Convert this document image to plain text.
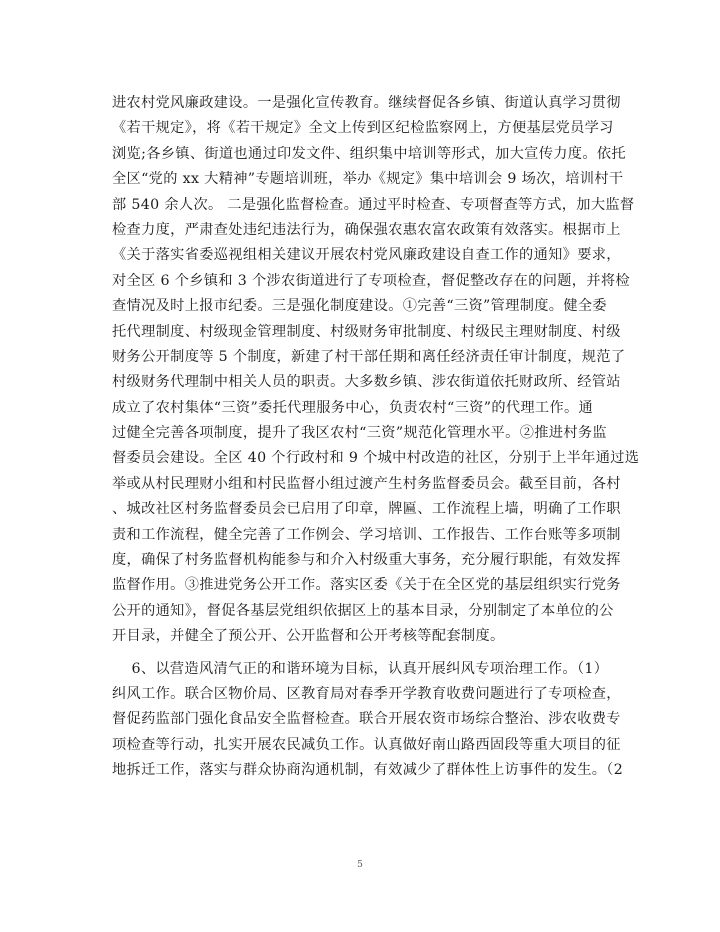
进农村党风廉政建设。一是强化宣传教育。继续督促各乡镇、街道认真学习贯彻
《若干规定》，将《若干规定》全文上传到区纪检监察网上，方便基层党员学习
浏览;各乡镇、街道也通过印发文件、组织集中培训等形式，加大宣传力度。依托
全区“党的 xx 大精神”专题培训班，举办《规定》集中培训会 9 场次，培训村干
部 540 余人次。 二是强化监督检查。通过平时检查、专项督查等方式，加大监督
检查力度，严肃查处违纪违法行为，确保强农惠农富农政策有效落实。根据市上
《关于落实省委巡视组相关建议开展农村党风廉政建设自查工作的通知》要求，
对全区 6 个乡镇和 3 个涉农街道进行了专项检查，督促整改存在的问题，并将检
查情况及时上报市纪委。三是强化制度建设。①完善“三资”管理制度。健全委
托代理制度、村级现金管理制度、村级财务审批制度、村级民主理财制度、村级
财务公开制度等 5 个制度，新建了村干部任期和离任经济责任审计制度，规范了
村级财务代理制中相关人员的职责。大多数乡镇、涉农街道依托财政所、经管站
成立了农村集体“三资”委托代理服务中心，负责农村“三资”的代理工作。通
过健全完善各项制度，提升了我区农村“三资”规范化管理水平。②推进村务监
督委员会建设。全区 40 个行政村和 9 个城中村改造的社区，分别于上半年通过选
举或从村民理财小组和村民监督小组过渡产生村务监督委员会。截至目前，各村
、城改社区村务监督委员会已启用了印章，牌匾、工作流程上墙，明确了工作职
责和工作流程，健全完善了工作例会、学习培训、工作报告、工作台账等多项制
度，确保了村务监督机构能参与和介入村级重大事务，充分履行职能，有效发挥
监督作用。③推进党务公开工作。落实区委《关于在全区党的基层组织实行党务
公开的通知》，督促各基层党组织依据区上的基本目录，分别制定了本单位的公
开目录，并健全了预公开、公开监督和公开考核等配套制度。
6、以营造风清气正的和谐环境为目标，认真开展纠风专项治理工作。（1）
纠风工作。联合区物价局、区教育局对春季开学教育收费问题进行了专项检查，
督促药监部门强化食品安全监督检查。联合开展农资市场综合整治、涉农收费专
项检查等行动，扎实开展农民减负工作。认真做好南山路西固段等重大项目的征
地拆迁工作，落实与群众协商沟通机制，有效减少了群体性上访事件的发生。（2
5
